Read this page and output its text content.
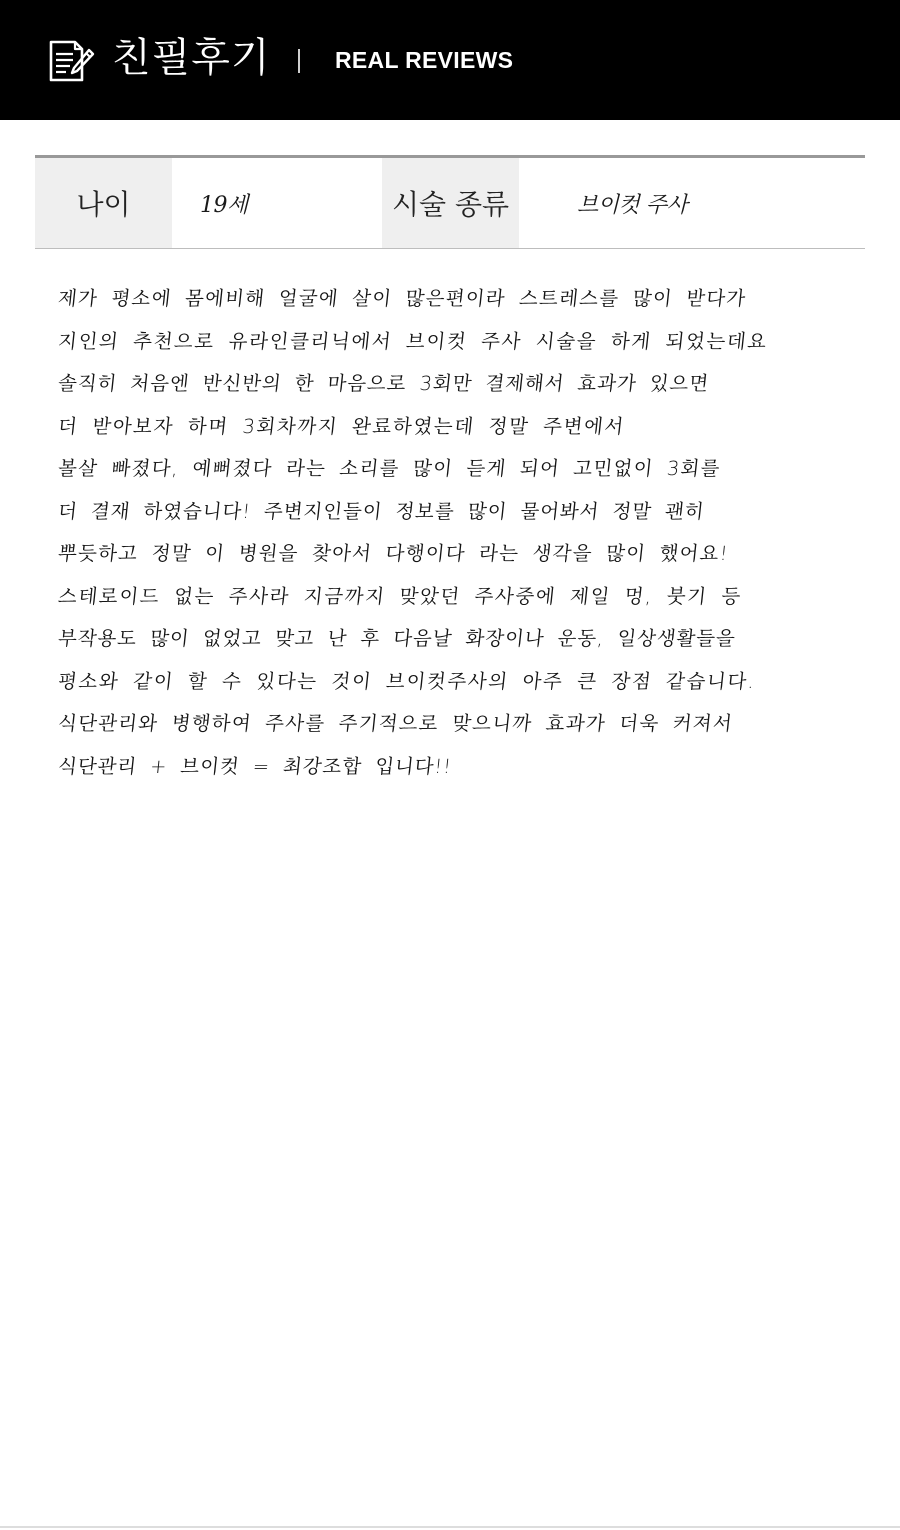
친필후기	REAL REVIEWS
나이	19세	시술 종류	브이컷 주사
제가 평소에 몸에비해 얼굴에 살이 많은편이라 스트레스를 많이 받다가
지인의 추천으로 유라인클리닉에서 브이컷 주사 시술을 하게 되었는데요
솔직히 처음엔 반신반의 한 마음으로 3회만 결제해서 효과가 있으면
더 받아보자 하며 3회차까지 완료하였는데 정말 주변에서
볼살 빠졌다, 예뻐졌다 라는 소리를 많이 듣게 되어 고민없이 3회를
더 결재 하였습니다! 주변지인들이 정보를 많이 물어봐서 정말 괜히
뿌듯하고 정말 이 병원을 찾아서 다행이다 라는 생각을 많이 했어요!
스테로이드 없는 주사라 지금까지 맞았던 주사중에 제일 멍, 붓기 등
부작용도 많이 없었고 맞고 난 후 다음날 화장이나 운동, 일상생활들을
평소와 같이 할 수 있다는 것이 브이컷주사의 아주 큰 장점 같습니다.
식단관리와 병행하여 주사를 주기적으로 맞으니까 효과가 더욱 커져서
식단관리 + 브이컷 = 최강조합 입니다!!
